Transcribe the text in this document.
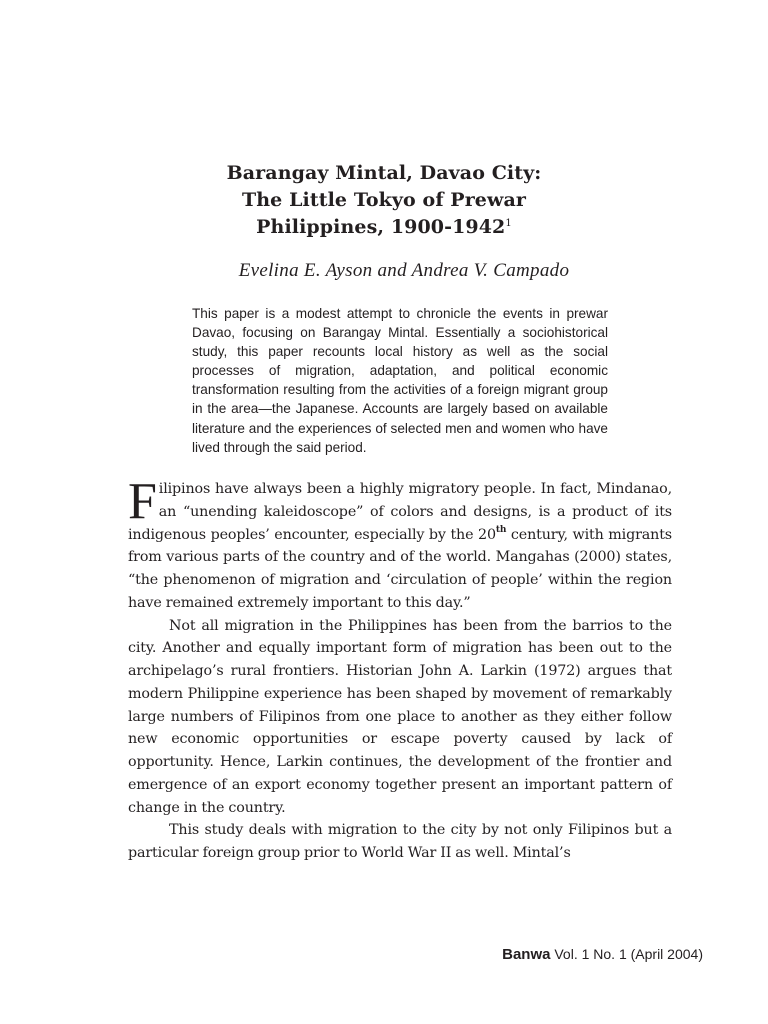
Barangay Mintal, Davao City:
The Little Tokyo of Prewar
Philippines, 1900-1942$^1$
Evelina E. Ayson and Andrea V. Campado
This paper is a modest attempt to chronicle the events in prewar Davao, focusing on Barangay Mintal. Essentially a sociohistorical study, this paper recounts local history as well as the social processes of migration, adaptation, and political economic transformation resulting from the activities of a foreign migrant group in the area—the Japanese. Accounts are largely based on available literature and the experiences of selected men and women who have lived through the said period.

Filipinos have always been a highly migratory people. In fact, Mindanao, an “unending kaleidoscope” of colors and designs, is a product of its indigenous peoples’ encounter, especially by the 20th century, with migrants from various parts of the country and of the world. Mangahas (2000) states, “the phenomenon of migration and ‘circulation of people’ within the region have remained extremely important to this day.”

Not all migration in the Philippines has been from the barrios to the city. Another and equally important form of migration has been out to the archipelago’s rural frontiers. Historian John A. Larkin (1972) argues that modern Philippine experience has been shaped by movement of remarkably large numbers of Filipinos from one place to another as they either follow new economic opportunities or escape poverty caused by lack of opportunity. Hence, Larkin continues, the development of the frontier and emergence of an export economy together present an important pattern of change in the country.

This study deals with migration to the city by not only Filipinos but a particular foreign group prior to World War II as well. Mintal’s

Banwa Vol. 1 No. 1 (April 2004)
